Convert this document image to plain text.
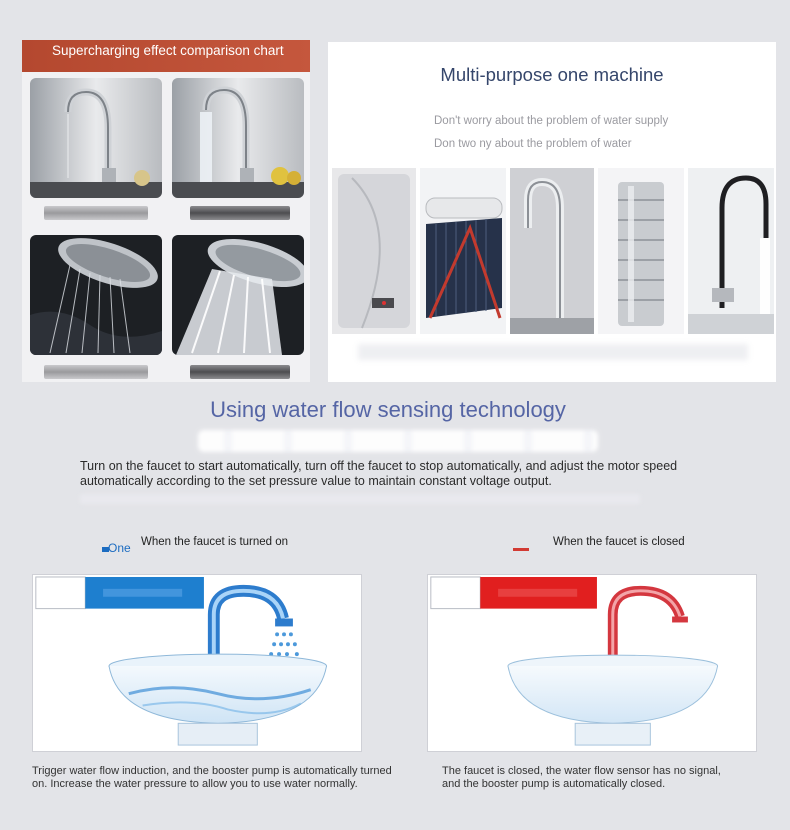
Supercharging effect comparison chart
Multi-purpose one machine
Don't worry about the problem of water supply
Don two ny about the problem of water
Using water flow sensing technology
Turn on the faucet to start automatically, turn off the faucet to stop automatically, and adjust the motor speed automatically according to the set pressure value to maintain constant voltage output.
One When the faucet is turned on	When the faucet is closed
Trigger water flow induction, and the booster pump is automatically turned on. Increase the water pressure to allow you to use water normally.
The faucet is closed, the water flow sensor has no signal, and the booster pump is automatically closed.
